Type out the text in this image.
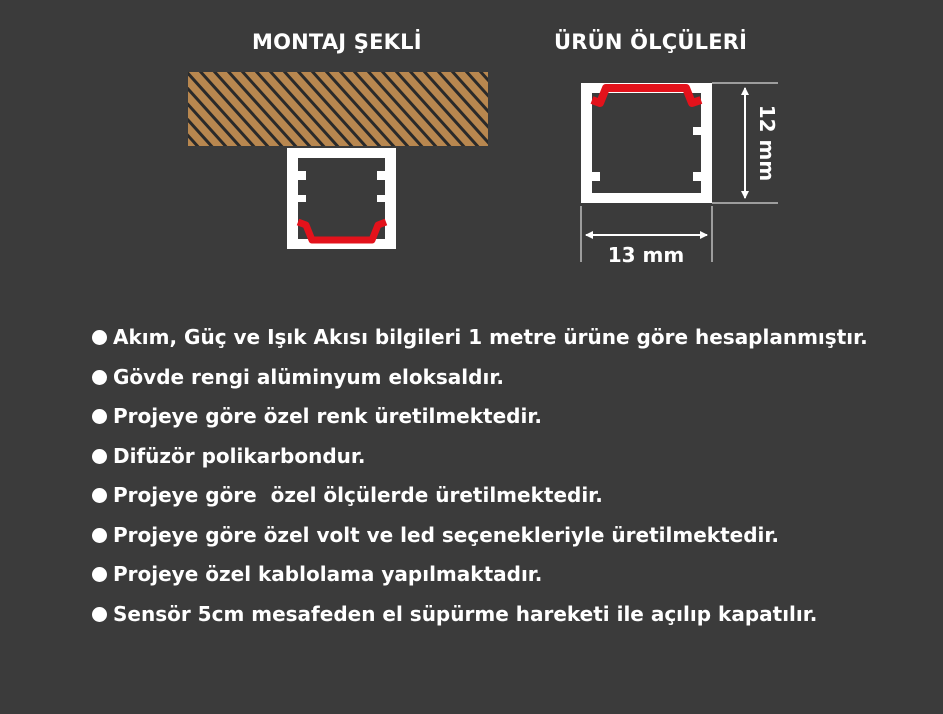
MONTAJ ŞEKLİ	ÜRÜN ÖLÇÜLERİ
12 mm
13 mm
Akım, Güç ve Işık Akısı bilgileri 1 metre ürüne göre hesaplanmıştır.
Gövde rengi alüminyum eloksaldır.
Projeye göre özel renk üretilmektedir.
Difüzör polikarbondur.
Projeye göre  özel ölçülerde üretilmektedir.
Projeye göre özel volt ve led seçenekleriyle üretilmektedir.
Projeye özel kablolama yapılmaktadır.
Sensör 5cm mesafeden el süpürme hareketi ile açılıp kapatılır.
